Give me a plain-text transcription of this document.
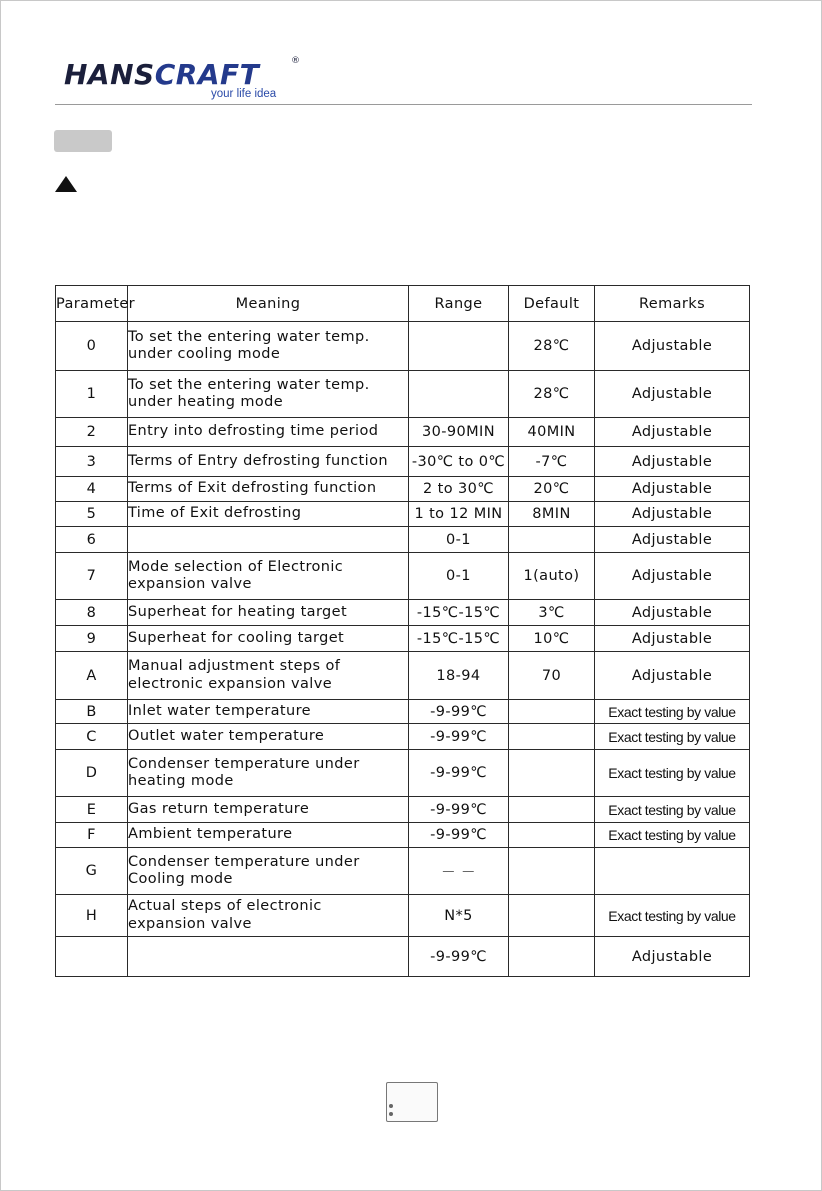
HANSCRAFT	®
your life idea
Parameter	Meaning	Range	Default	Remarks
0	To set the entering water temp.
under cooling mode		28℃	Adjustable
1	To set the entering water temp.
under heating mode		28℃	Adjustable
2	Entry into defrosting time period	30-90MIN	40MIN	Adjustable
3	Terms of Entry defrosting function	-30℃ to 0℃	-7℃	Adjustable
4	Terms of Exit defrosting function	2 to 30℃	20℃	Adjustable
5	Time of Exit defrosting	1 to 12 MIN	8MIN	Adjustable
6		0-1		Adjustable
7	Mode selection of Electronic
expansion valve	0-1	1(auto)	Adjustable
8	Superheat for heating target	-15℃-15℃	3℃	Adjustable
9	Superheat for cooling target	-15℃-15℃	10℃	Adjustable
A	Manual adjustment steps of
electronic expansion valve	18-94	70	Adjustable
B	Inlet water temperature	-9-99℃		Exact testing by value
C	Outlet water temperature	-9-99℃		Exact testing by value
D	Condenser temperature under
heating mode	-9-99℃		Exact testing by value
E	Gas return temperature	-9-99℃		Exact testing by value
F	Ambient temperature	-9-99℃		Exact testing by value
G	Condenser temperature under
Cooling mode	－ －		
H	Actual steps of electronic
expansion valve	N*5		Exact testing by value
		-9-99℃		Adjustable
